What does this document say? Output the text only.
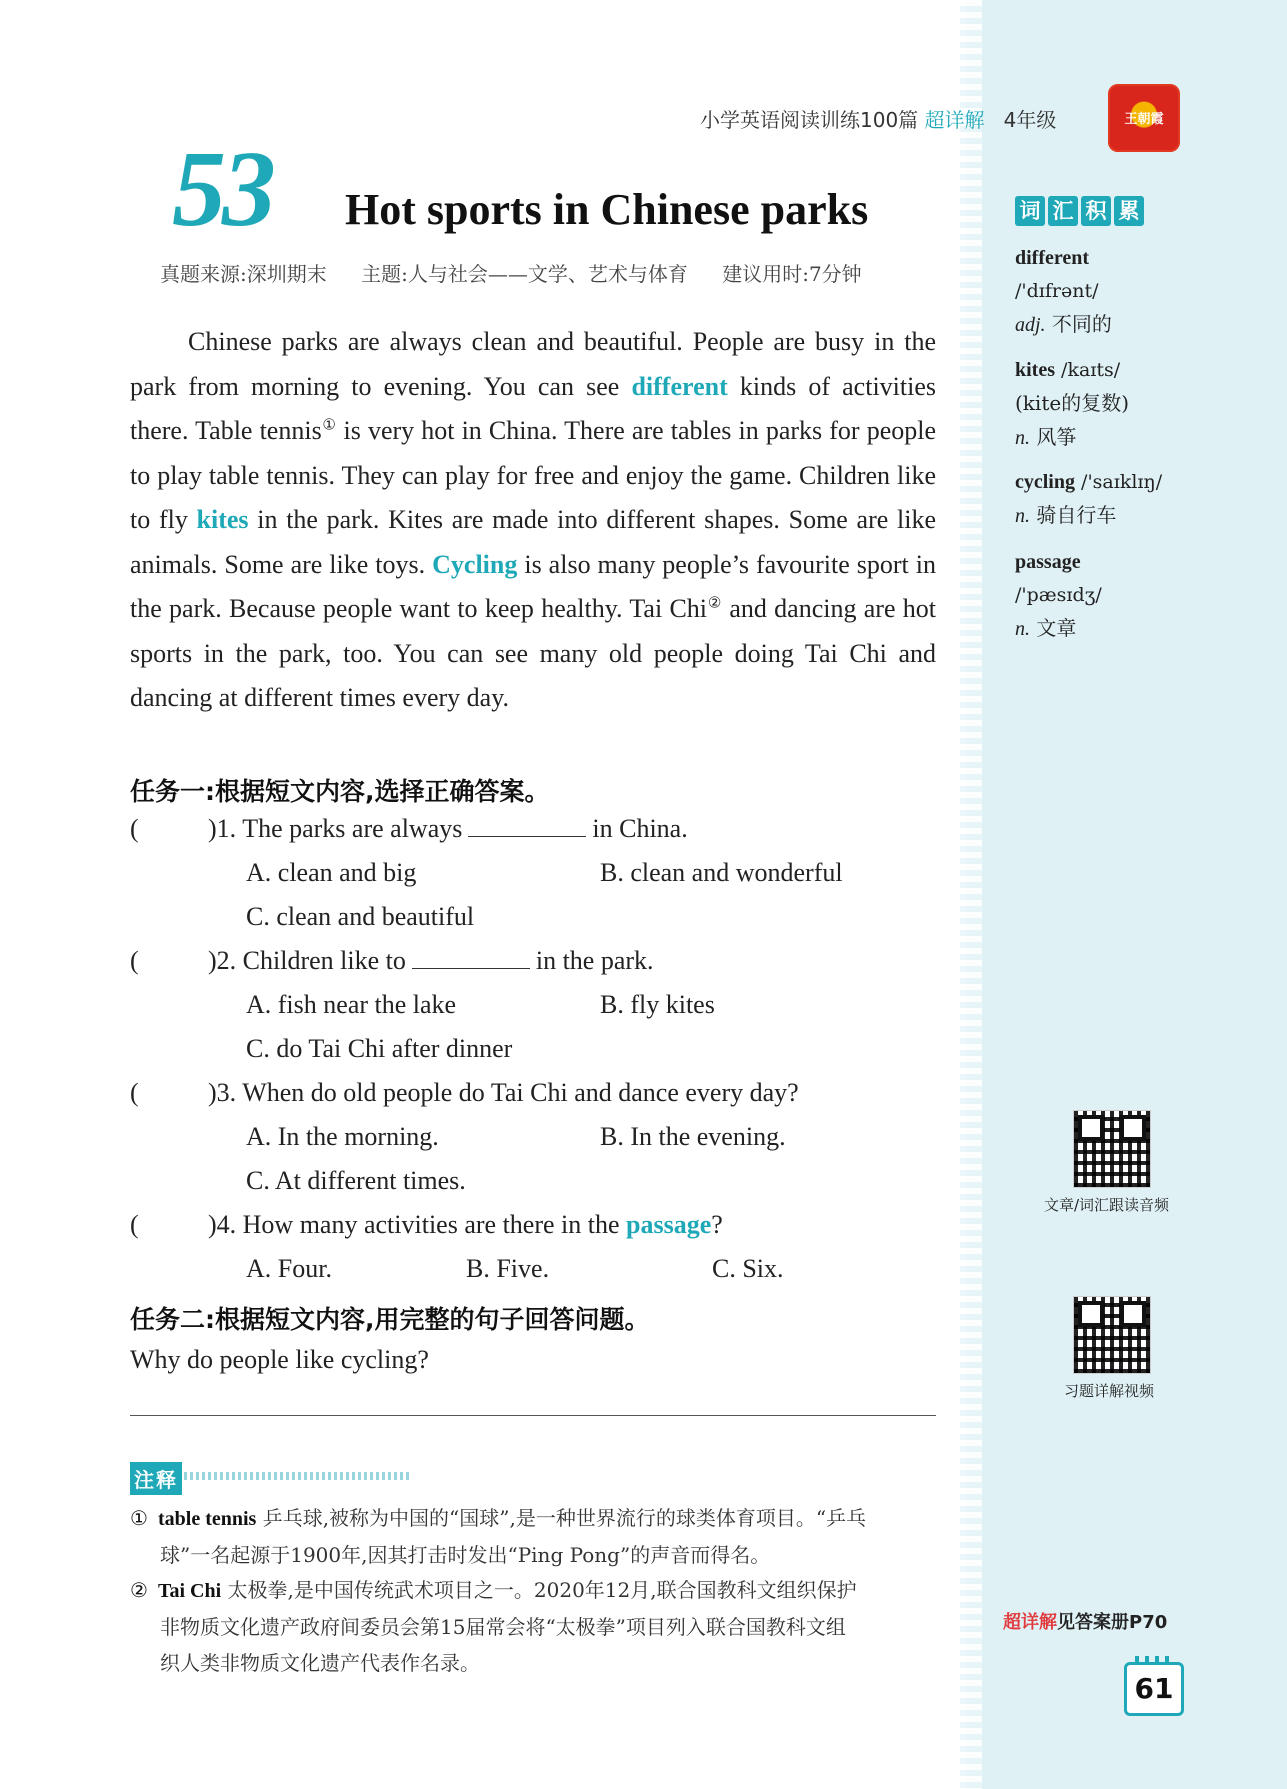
小学英语阅读训练100篇 超详解 4年级	王朝霞
53 Hot sports in Chinese parks
真题来源:深圳期末 主题:人与社会——文学、艺术与体育 建议用时:7分钟

Chinese parks are always clean and beautiful. People are busy in the park from morning to evening. You can see different kinds of activities there. Table tennis① is very hot in China. There are tables in parks for people to play table tennis. They can play for free and enjoy the game. Children like to fly kites in the park. Kites are made into different shapes. Some are like animals. Some are like toys. Cycling is also many people’s favourite sport in the park. Because people want to keep healthy. Tai Chi② and dancing are hot sports in the park, too. You can see many old people doing Tai Chi and dancing at different times every day.

任务一:根据短文内容,选择正确答案。
(	)1. The parks are always	in China.
A. clean and big	B. clean and wonderful
C. clean and beautiful
(	)2. Children like to	in the park.
A. fish near the lake	B. fly kites
C. do Tai Chi after dinner
(	)3. When do old people do Tai Chi and dance every day?
A. In the morning.	B. In the evening.
C. At different times.
(	)4. How many activities are there in the passage?
A. Four.	B. Five.	C. Six.
任务二:根据短文内容,用完整的句子回答问题。
Why do people like cycling?
注释
① table tennis 乒乓球,被称为中国的“国球”,是一种世界流行的球类体育项目。“乒乓
球”一名起源于1900年,因其打击时发出“Ping Pong”的声音而得名。
② Tai Chi 太极拳,是中国传统武术项目之一。2020年12月,联合国教科文组织保护
非物质文化遗产政府间委员会第15届常会将“太极拳”项目列入联合国教科文组
织人类非物质文化遗产代表作名录。
词 汇 积 累
different
/'dɪfrənt/
adj. 不同的
kites /kaɪts/
(kite的复数)
n. 风筝
cycling /'saɪklɪŋ/
n. 骑自行车
passage
/'pæsɪdʒ/
n. 文章
文章/词汇跟读音频
习题详解视频
超详解见答案册P70
61
